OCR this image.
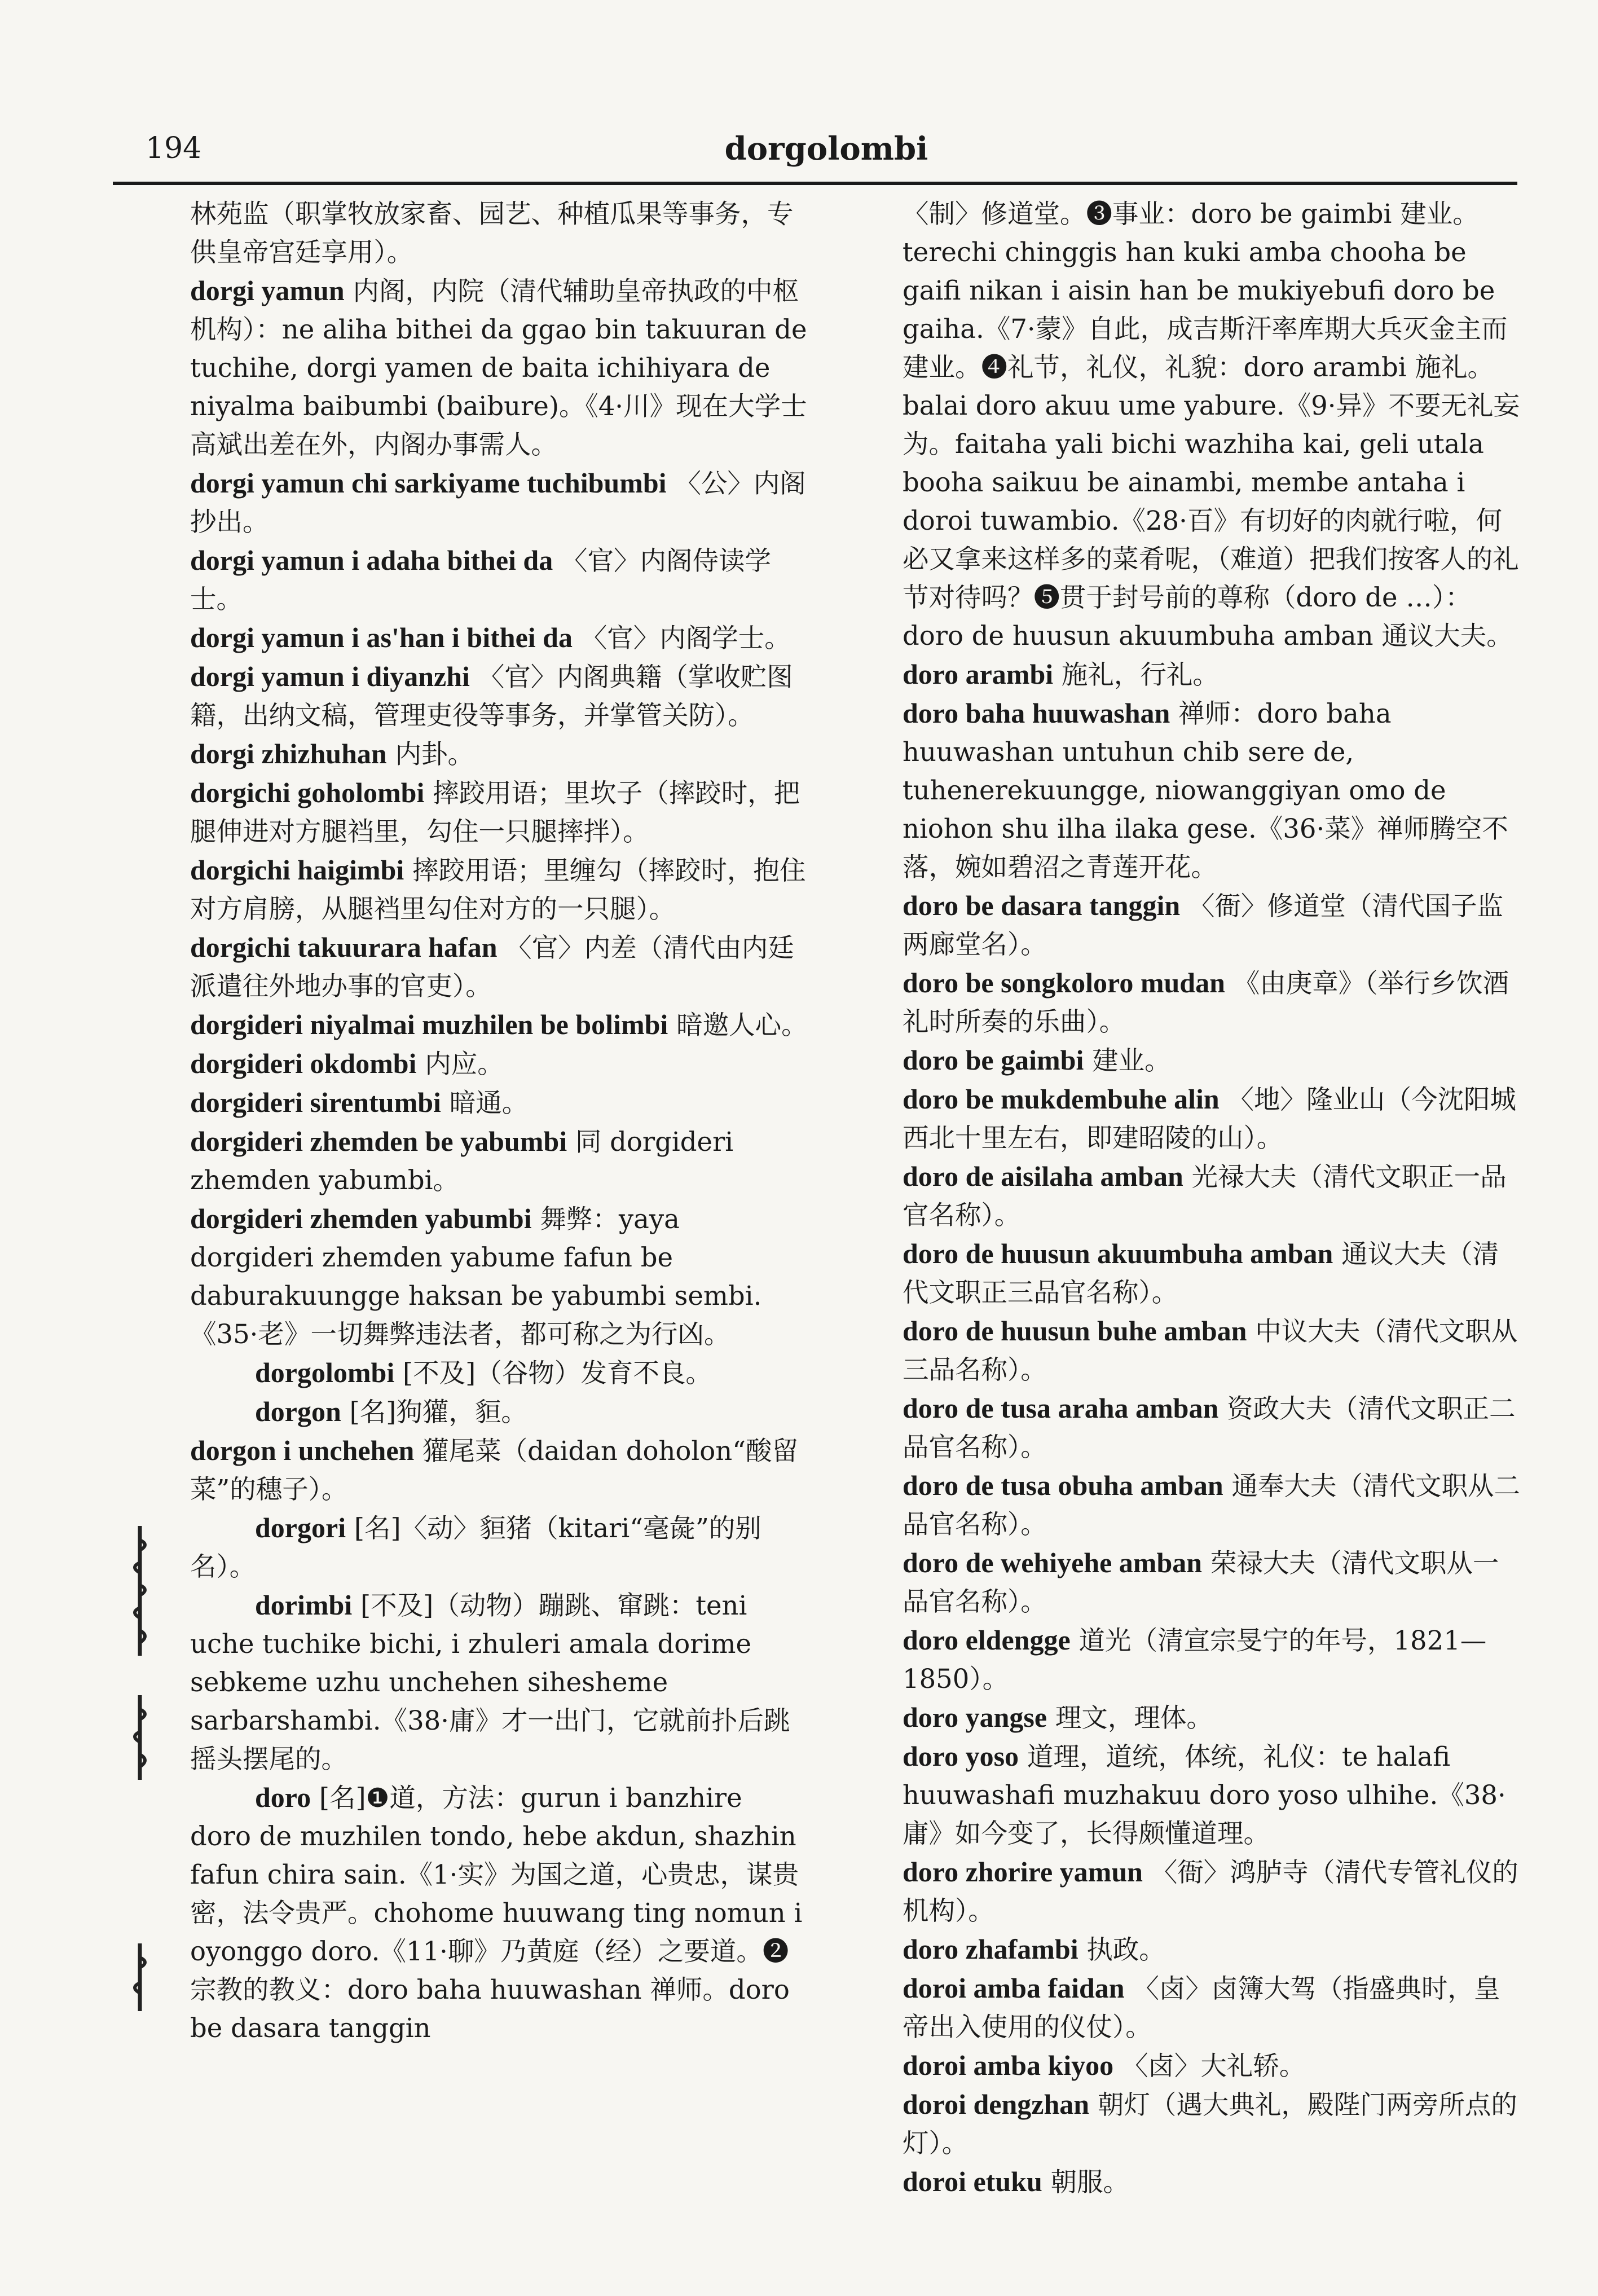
194	dorgolombi

林苑监（职掌牧放家畜、园艺、种植瓜果等事务，专供皇帝宫廷享用）。

dorgi yamun 内阁，内院（清代辅助皇帝执政的中枢机构）：ne aliha bithei da ggao bin takuuran de tuchihe, dorgi yamen de baita ichihiyara de niyalma baibumbi (baibure)。《4·川》现在大学士高斌出差在外，内阁办事需人。

dorgi yamun chi sarkiyame tuchibumbi 〈公〉内阁抄出。

dorgi yamun i adaha bithei da 〈官〉内阁侍读学士。

dorgi yamun i as'han i bithei da 〈官〉内阁学士。

dorgi yamun i diyanzhi 〈官〉内阁典籍（掌收贮图籍，出纳文稿，管理吏役等事务，并掌管关防）。

dorgi zhizhuhan 内卦。

dorgichi goholombi 摔跤用语；里坎子（摔跤时，把腿伸进对方腿裆里，勾住一只腿摔拌）。

dorgichi haigimbi 摔跤用语；里缠勾（摔跤时，抱住对方肩膀，从腿裆里勾住对方的一只腿）。

dorgichi takuurara hafan 〈官〉内差（清代由内廷派遣往外地办事的官吏）。

dorgideri niyalmai muzhilen be bolimbi 暗邀人心。

dorgideri okdombi 内应。

dorgideri sirentumbi 暗通。

dorgideri zhemden be yabumbi 同 dorgideri zhemden yabumbi。

dorgideri zhemden yabumbi 舞弊：yaya dorgideri zhemden yabume fafun be daburakuungge haksan be yabumbi sembi.《35·老》一切舞弊违法者，都可称之为行凶。

dorgolombi [不及]（谷物）发育不良。

dorgon [名]狗獾，貆。

dorgon i unchehen 獾尾菜（daidan doholon“酸留菜”的穗子）。

dorgori [名]〈动〉貆猪（kitari“毫彘”的别名）。

dorimbi [不及]（动物）蹦跳、窜跳：teni uche tuchike bichi, i zhuleri amala dorime sebkeme uzhu unchehen sihesheme sarbarshambi.《38·庸》才一出门，它就前扑后跳摇头摆尾的。

doro [名]❶道，方法：gurun i banzhire doro de muzhilen tondo, hebe akdun, shazhin fafun chira sain.《1·实》为国之道，心贵忠，谋贵密，法令贵严。chohome huuwang ting nomun i oyonggo doro.《11·聊》乃黄庭（经）之要道。❷宗教的教义：doro baha huuwashan 禅师。doro be dasara tanggin

〈制〉修道堂。❸事业：doro be gaimbi 建业。terechi chinggis han kuki amba chooha be gaifi nikan i aisin han be mukiyebufi doro be gaiha.《7·蒙》自此，成吉斯汗率库期大兵灭金主而建业。❹礼节，礼仪，礼貌：doro arambi 施礼。balai doro akuu ume yabure.《9·异》不要无礼妄为。faitaha yali bichi wazhiha kai, geli utala booha saikuu be ainambi, membe antaha i doroi tuwambio.《28·百》有切好的肉就行啦，何必又拿来这样多的菜肴呢，（难道）把我们按客人的礼节对待吗？❺贯于封号前的尊称（doro de …）：doro de huusun akuumbuha amban 通议大夫。

doro arambi 施礼，行礼。

doro baha huuwashan 禅师：doro baha huuwashan untuhun chib sere de, tuhenerekuungge, niowanggiyan omo de niohon shu ilha ilaka gese.《36·菜》禅师腾空不落，婉如碧沼之青莲开花。

doro be dasara tanggin 〈衙〉修道堂（清代国子监两廊堂名）。

doro be songkoloro mudan 《由庚章》（举行乡饮酒礼时所奏的乐曲）。

doro be gaimbi 建业。

doro be mukdembuhe alin 〈地〉隆业山（今沈阳城西北十里左右，即建昭陵的山）。

doro de aisilaha amban 光禄大夫（清代文职正一品官名称）。

doro de huusun akuumbuha amban 通议大夫（清代文职正三品官名称）。

doro de huusun buhe amban 中议大夫（清代文职从三品名称）。

doro de tusa araha amban 资政大夫（清代文职正二品官名称）。

doro de tusa obuha amban 通奉大夫（清代文职从二品官名称）。

doro de wehiyehe amban 荣禄大夫（清代文职从一品官名称）。

doro eldengge 道光（清宣宗旻宁的年号，1821—1850）。

doro yangse 理文，理体。

doro yoso 道理，道统，体统，礼仪：te halafi huuwashafi muzhakuu doro yoso ulhihe.《38·庸》如今变了，长得颇懂道理。

doro zhorire yamun 〈衙〉鸿胪寺（清代专管礼仪的机构）。

doro zhafambi 执政。

doroi amba faidan 〈卤〉卤簿大驾（指盛典时，皇帝出入使用的仪仗）。

doroi amba kiyoo 〈卤〉大礼轿。

doroi dengzhan 朝灯（遇大典礼，殿陛门两旁所点的灯）。

doroi etuku 朝服。
